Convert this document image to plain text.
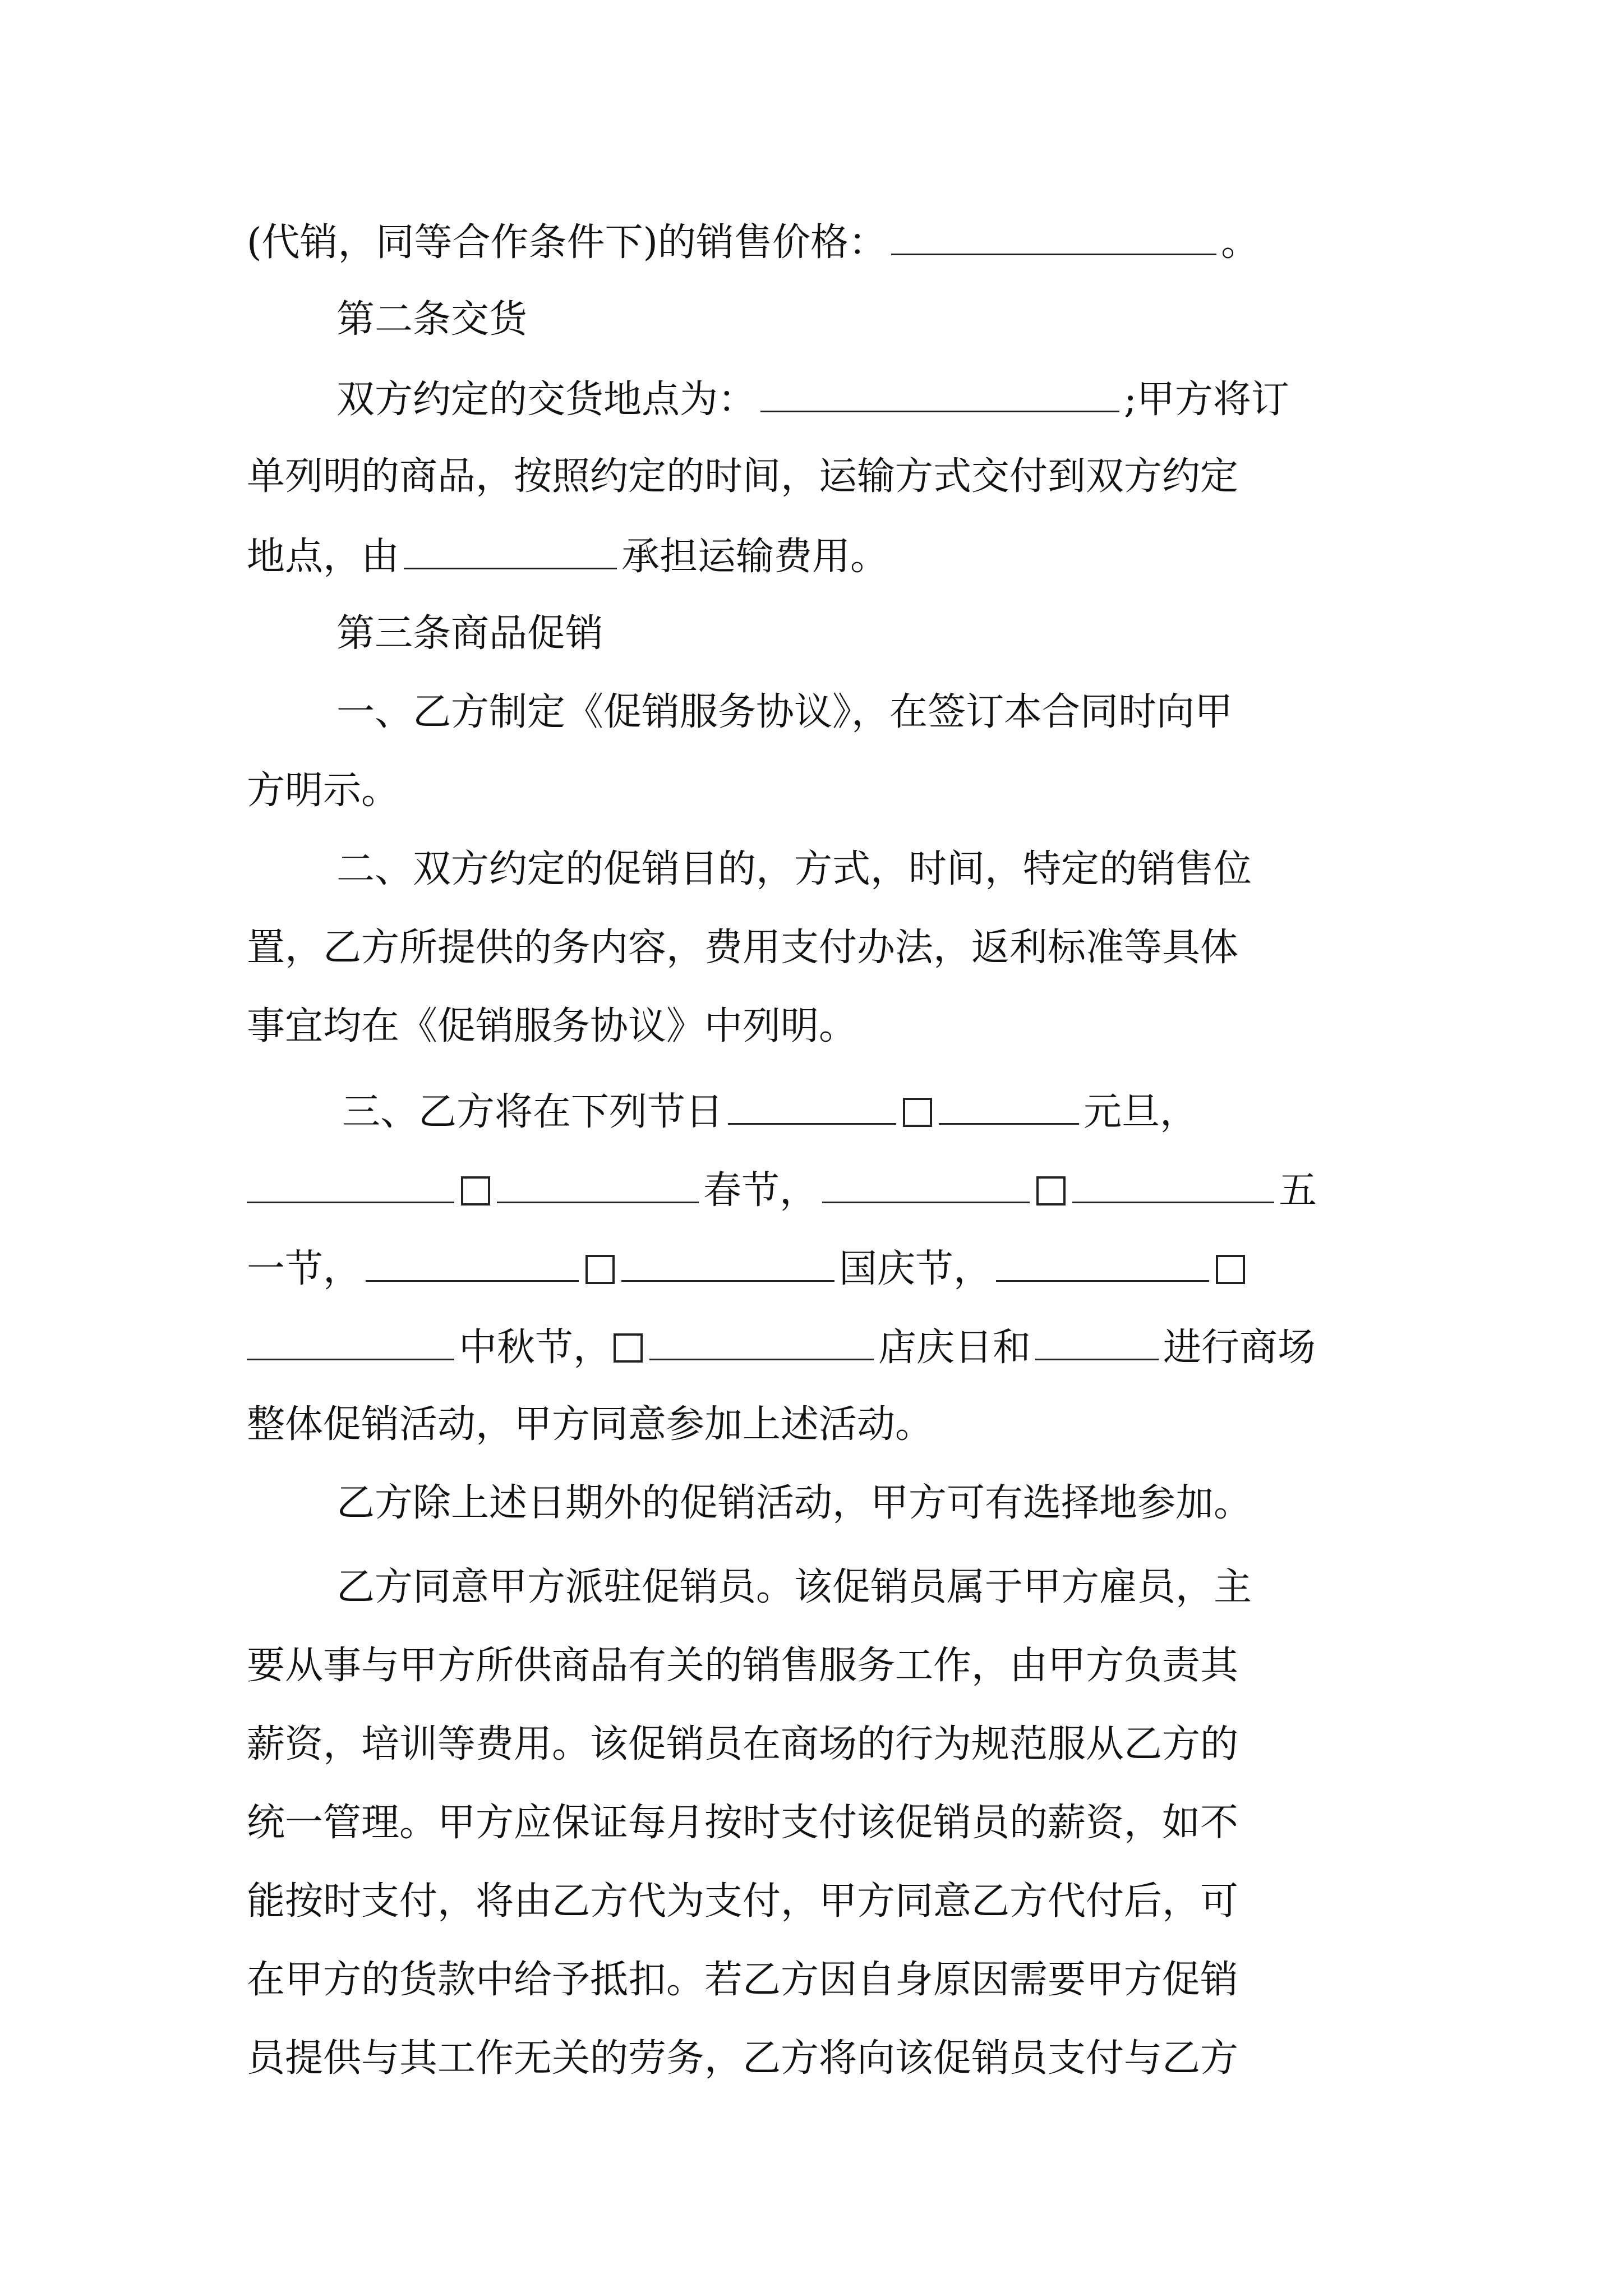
(代销，同等合作条件下)的销售价格：	。
第二条交货
双方约定的交货地点为：	;甲方将订
单列明的商品，按照约定的时间，运输方式交付到双方约定
地点，由	承担运输费用。
第三条商品促销
一、乙方制定《促销服务协议》，在签订本合同时向甲
方明示。
二、双方约定的促销目的，方式，时间，特定的销售位
置，乙方所提供的务内容，费用支付办法，返利标准等具体
事宜均在《促销服务协议》中列明。
三、乙方将在下列节日	元旦，
春节，	五
一节，	国庆节，
中秋节，	店庆日和	进行商场
整体促销活动，甲方同意参加上述活动。
乙方除上述日期外的促销活动，甲方可有选择地参加。
乙方同意甲方派驻促销员。该促销员属于甲方雇员，主
要从事与甲方所供商品有关的销售服务工作，由甲方负责其
薪资，培训等费用。该促销员在商场的行为规范服从乙方的
统一管理。甲方应保证每月按时支付该促销员的薪资，如不
能按时支付，将由乙方代为支付，甲方同意乙方代付后，可
在甲方的货款中给予抵扣。若乙方因自身原因需要甲方促销
员提供与其工作无关的劳务，乙方将向该促销员支付与乙方
